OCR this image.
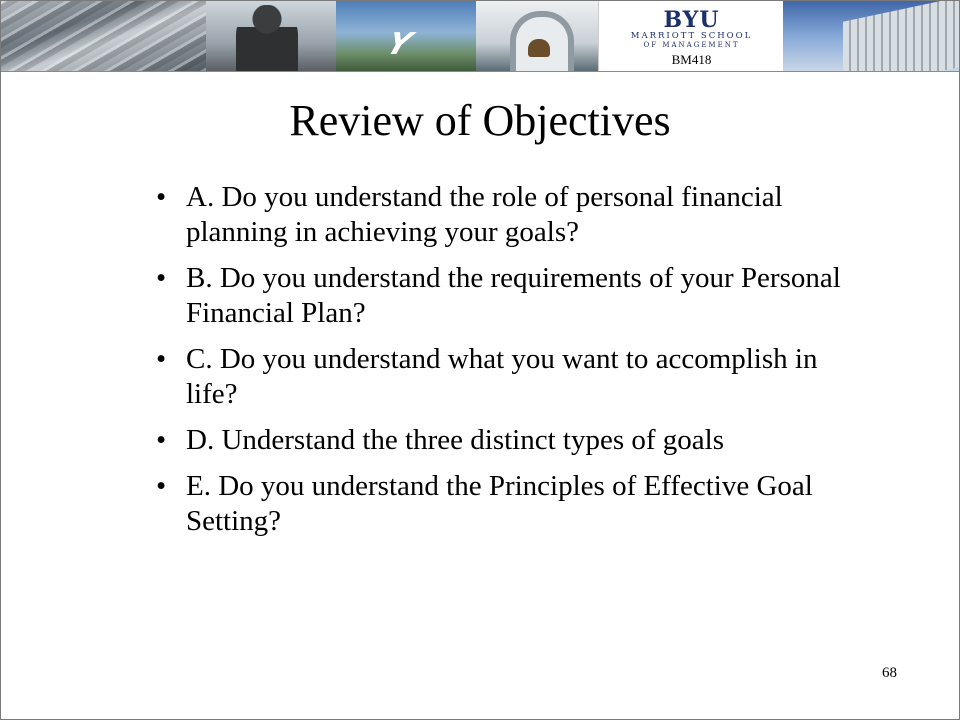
Y
BYU
MARRIOTT SCHOOL
OF MANAGEMENT
BM418
Review of Objectives
• A. Do you understand the role of personal financial planning in achieving your goals?
• B. Do you understand the requirements of your Personal Financial Plan?
• C. Do you understand what you want to accomplish in life?
• D. Understand the three distinct types of goals
• E. Do you understand the Principles of Effective Goal Setting?
68
